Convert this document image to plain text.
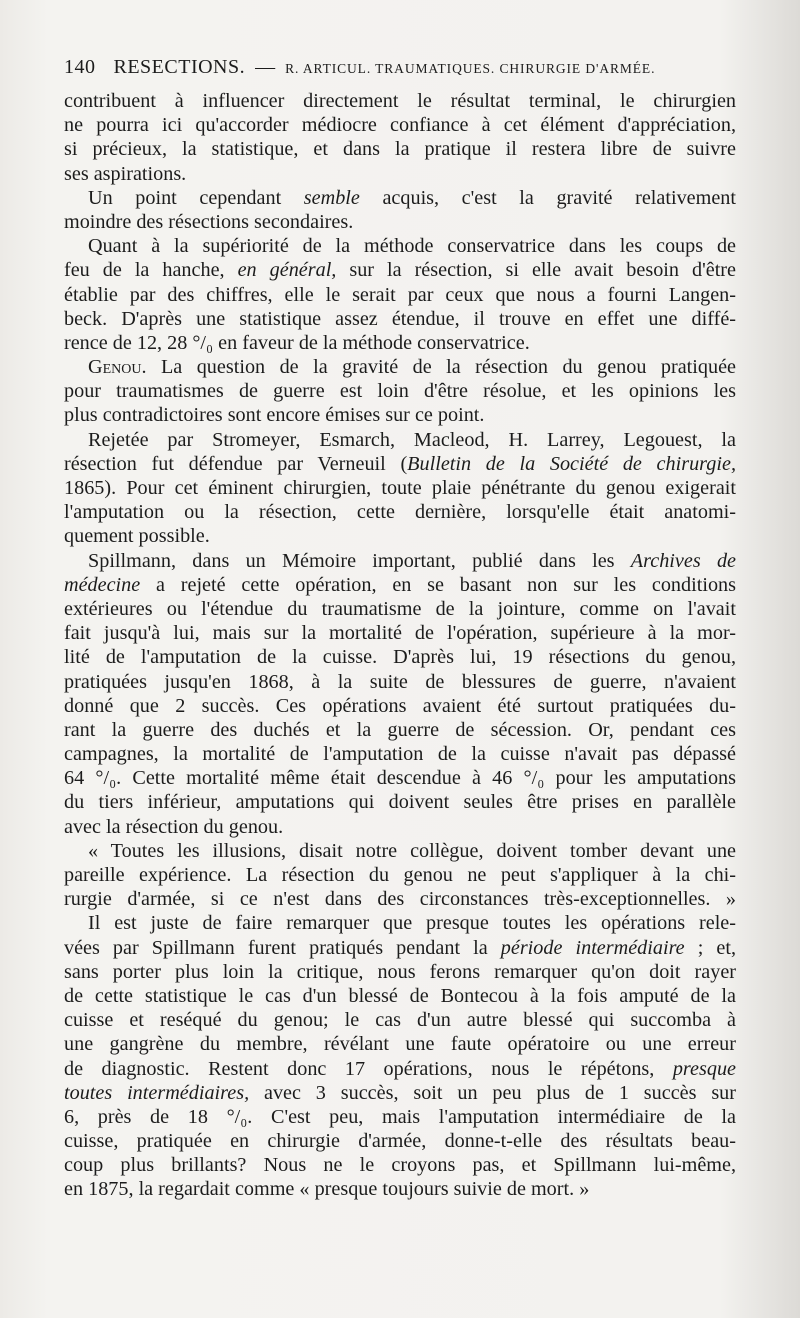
140 RESECTIONS. — R. ARTICUL. TRAUMATIQUES. CHIRURGIE D'ARMÉE.
contribuent à influencer directement le résultat terminal, le chirurgien
ne pourra ici qu'accorder médiocre confiance à cet élément d'appréciation,
si précieux, la statistique, et dans la pratique il restera libre de suivre
ses aspirations.
Un point cependant semble acquis, c'est la gravité relativement
moindre des résections secondaires.
Quant à la supériorité de la méthode conservatrice dans les coups de
feu de la hanche, en général, sur la résection, si elle avait besoin d'être
établie par des chiffres, elle le serait par ceux que nous a fourni Langen-
beck. D'après une statistique assez étendue, il trouve en effet une diffé-
rence de 12, 28 °/₀ en faveur de la méthode conservatrice.
Genou. La question de la gravité de la résection du genou pratiquée
pour traumatismes de guerre est loin d'être résolue, et les opinions les
plus contradictoires sont encore émises sur ce point.
Rejetée par Stromeyer, Esmarch, Macleod, H. Larrey, Legouest, la
résection fut défendue par Verneuil (Bulletin de la Société de chirurgie,
1865). Pour cet éminent chirurgien, toute plaie pénétrante du genou exigerait
l'amputation ou la résection, cette dernière, lorsqu'elle était anatomi-
quement possible.
Spillmann, dans un Mémoire important, publié dans les Archives de
médecine a rejeté cette opération, en se basant non sur les conditions
extérieures ou l'étendue du traumatisme de la jointure, comme on l'avait
fait jusqu'à lui, mais sur la mortalité de l'opération, supérieure à la mor-
lité de l'amputation de la cuisse. D'après lui, 19 résections du genou,
pratiquées jusqu'en 1868, à la suite de blessures de guerre, n'avaient
donné que 2 succès. Ces opérations avaient été surtout pratiquées du-
rant la guerre des duchés et la guerre de sécession. Or, pendant ces
campagnes, la mortalité de l'amputation de la cuisse n'avait pas dépassé
64 °/₀. Cette mortalité même était descendue à 46 °/₀ pour les amputations
du tiers inférieur, amputations qui doivent seules être prises en parallèle
avec la résection du genou.
« Toutes les illusions, disait notre collègue, doivent tomber devant une
pareille expérience. La résection du genou ne peut s'appliquer à la chi-
rurgie d'armée, si ce n'est dans des circonstances très-exceptionnelles. »
Il est juste de faire remarquer que presque toutes les opérations rele-
vées par Spillmann furent pratiqués pendant la période intermédiaire ; et,
sans porter plus loin la critique, nous ferons remarquer qu'on doit rayer
de cette statistique le cas d'un blessé de Bontecou à la fois amputé de la
cuisse et reséqué du genou; le cas d'un autre blessé qui succomba à
une gangrène du membre, révélant une faute opératoire ou une erreur
de diagnostic. Restent donc 17 opérations, nous le répétons, presque
toutes intermédiaires, avec 3 succès, soit un peu plus de 1 succès sur
6, près de 18 °/₀. C'est peu, mais l'amputation intermédiaire de la
cuisse, pratiquée en chirurgie d'armée, donne-t-elle des résultats beau-
coup plus brillants? Nous ne le croyons pas, et Spillmann lui-même,
en 1875, la regardait comme « presque toujours suivie de mort. »
